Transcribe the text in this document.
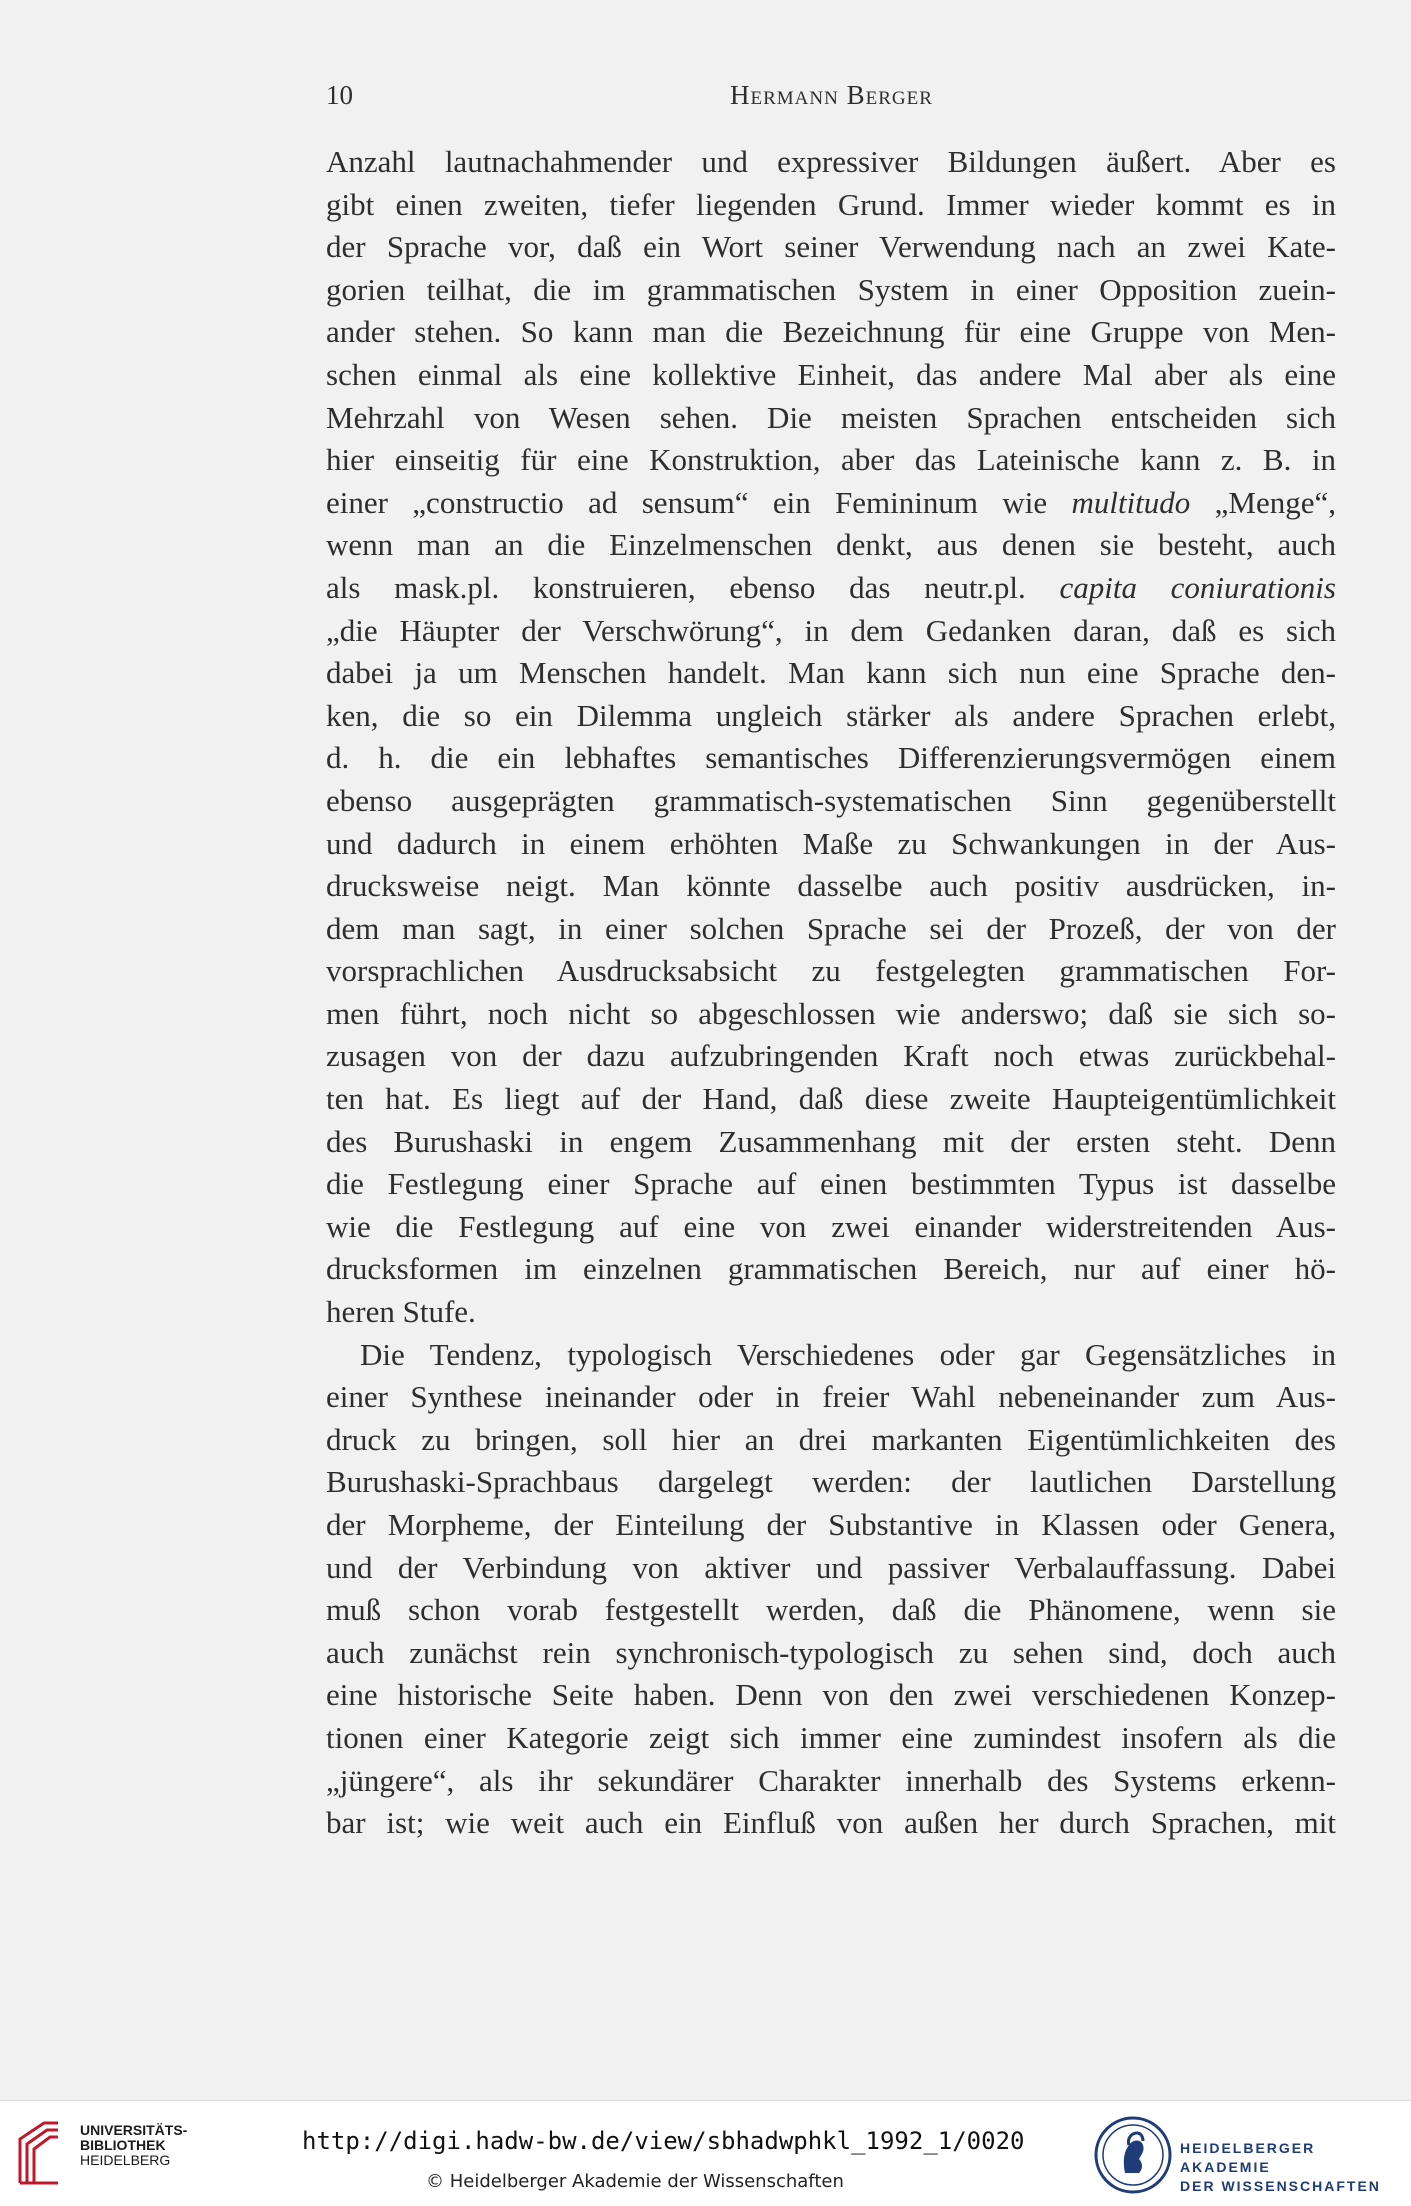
10	Hermann Berger
Anzahl lautnachahmender und expressiver Bildungen äußert. Aber es
gibt einen zweiten, tiefer liegenden Grund. Immer wieder kommt es in
der Sprache vor, daß ein Wort seiner Verwendung nach an zwei Kate-
gorien teilhat, die im grammatischen System in einer Opposition zuein-
ander stehen. So kann man die Bezeichnung für eine Gruppe von Men-
schen einmal als eine kollektive Einheit, das andere Mal aber als eine
Mehrzahl von Wesen sehen. Die meisten Sprachen entscheiden sich
hier einseitig für eine Konstruktion, aber das Lateinische kann z. B. in
einer „constructio ad sensum“ ein Femininum wie multitudo „Menge“,
wenn man an die Einzelmenschen denkt, aus denen sie besteht, auch
als mask.pl. konstruieren, ebenso das neutr.pl. capita coniurationis
„die Häupter der Verschwörung“, in dem Gedanken daran, daß es sich
dabei ja um Menschen handelt. Man kann sich nun eine Sprache den-
ken, die so ein Dilemma ungleich stärker als andere Sprachen erlebt,
d. h. die ein lebhaftes semantisches Differenzierungsvermögen einem
ebenso ausgeprägten grammatisch-systematischen Sinn gegenüberstellt
und dadurch in einem erhöhten Maße zu Schwankungen in der Aus-
drucksweise neigt. Man könnte dasselbe auch positiv ausdrücken, in-
dem man sagt, in einer solchen Sprache sei der Prozeß, der von der
vorsprachlichen Ausdrucksabsicht zu festgelegten grammatischen For-
men führt, noch nicht so abgeschlossen wie anderswo; daß sie sich so-
zusagen von der dazu aufzubringenden Kraft noch etwas zurückbehal-
ten hat. Es liegt auf der Hand, daß diese zweite Haupteigentümlichkeit
des Burushaski in engem Zusammenhang mit der ersten steht. Denn
die Festlegung einer Sprache auf einen bestimmten Typus ist dasselbe
wie die Festlegung auf eine von zwei einander widerstreitenden Aus-
drucksformen im einzelnen grammatischen Bereich, nur auf einer hö-
heren Stufe.
Die Tendenz, typologisch Verschiedenes oder gar Gegensätzliches in
einer Synthese ineinander oder in freier Wahl nebeneinander zum Aus-
druck zu bringen, soll hier an drei markanten Eigentümlichkeiten des
Burushaski-Sprachbaus dargelegt werden: der lautlichen Darstellung
der Morpheme, der Einteilung der Substantive in Klassen oder Genera,
und der Verbindung von aktiver und passiver Verbalauffassung. Dabei
muß schon vorab festgestellt werden, daß die Phänomene, wenn sie
auch zunächst rein synchronisch-typologisch zu sehen sind, doch auch
eine historische Seite haben. Denn von den zwei verschiedenen Konzep-
tionen einer Kategorie zeigt sich immer eine zumindest insofern als die
„jüngere“, als ihr sekundärer Charakter innerhalb des Systems erkenn-
bar ist; wie weit auch ein Einfluß von außen her durch Sprachen, mit
UNIVERSITÄTS-
BIBLIOTHEK
HEIDELBERG
http://digi.hadw-bw.de/view/sbhadwphkl_1992_1/0020
© Heidelberger Akademie der Wissenschaften
HEIDELBERGER AKADEMIE
DER WISSENSCHAFTEN
